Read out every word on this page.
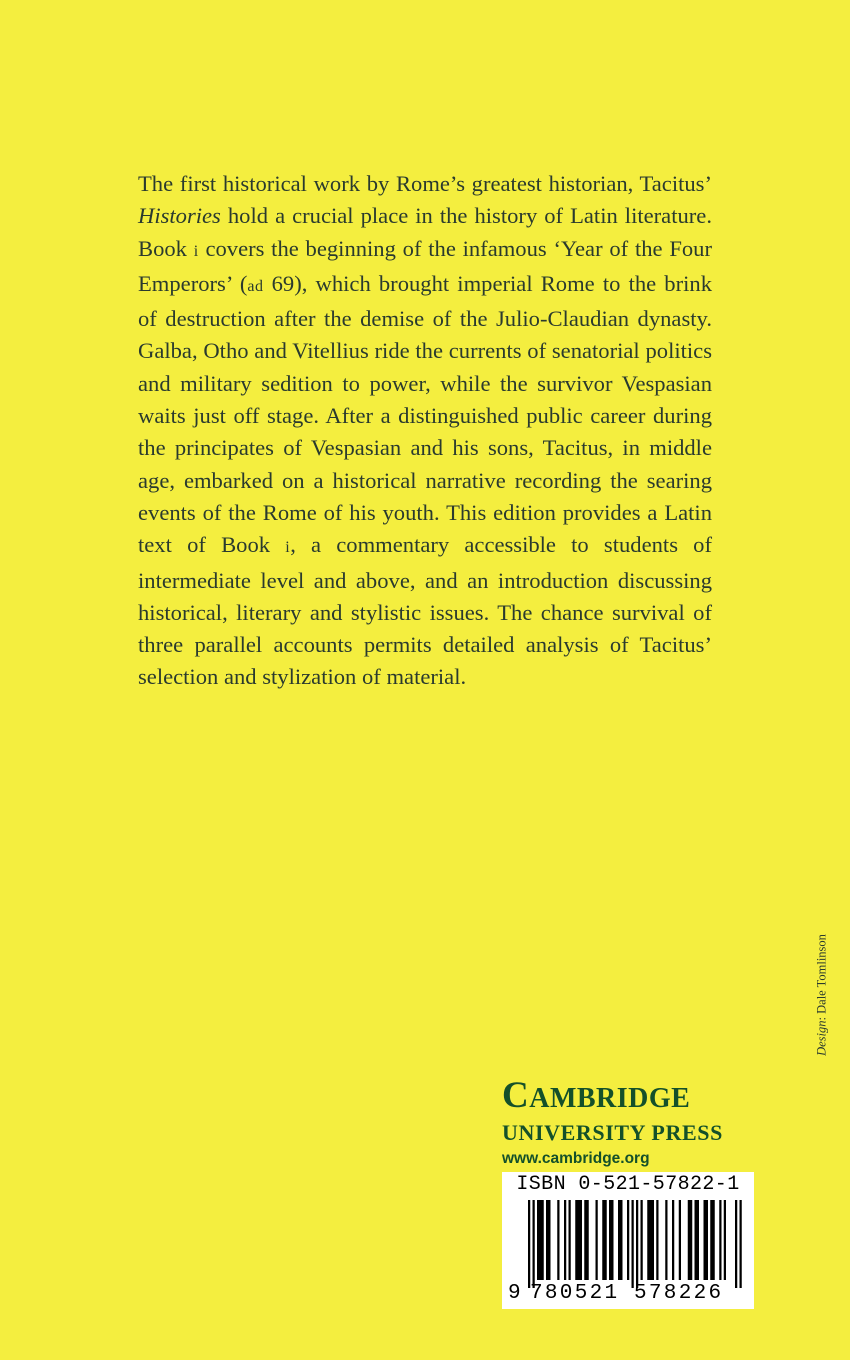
The first historical work by Rome’s greatest historian, Tacitus’ Histories hold a crucial place in the history of Latin literature. Book i covers the beginning of the infamous ‘Year of the Four Emperors’ (ad 69), which brought imperial Rome to the brink of destruction after the demise of the Julio-Claudian dynasty. Galba, Otho and Vitellius ride the currents of senatorial politics and military sedition to power, while the survivor Vespasian waits just off stage. After a distinguished public career during the principates of Vespasian and his sons, Tacitus, in middle age, embarked on a historical narrative recording the searing events of the Rome of his youth. This edition provides a Latin text of Book i, a commentary accessible to students of intermediate level and above, and an introduction discussing historical, literary and stylistic issues. The chance survival of three parallel accounts permits detailed analysis of Tacitus’ selection and stylization of material.

CAMBRIDGE
UNIVERSITY PRESS
www.cambridge.org
ISBN 0-521-57822-1
9 780521 578226
Design: Dale Tomlinson
